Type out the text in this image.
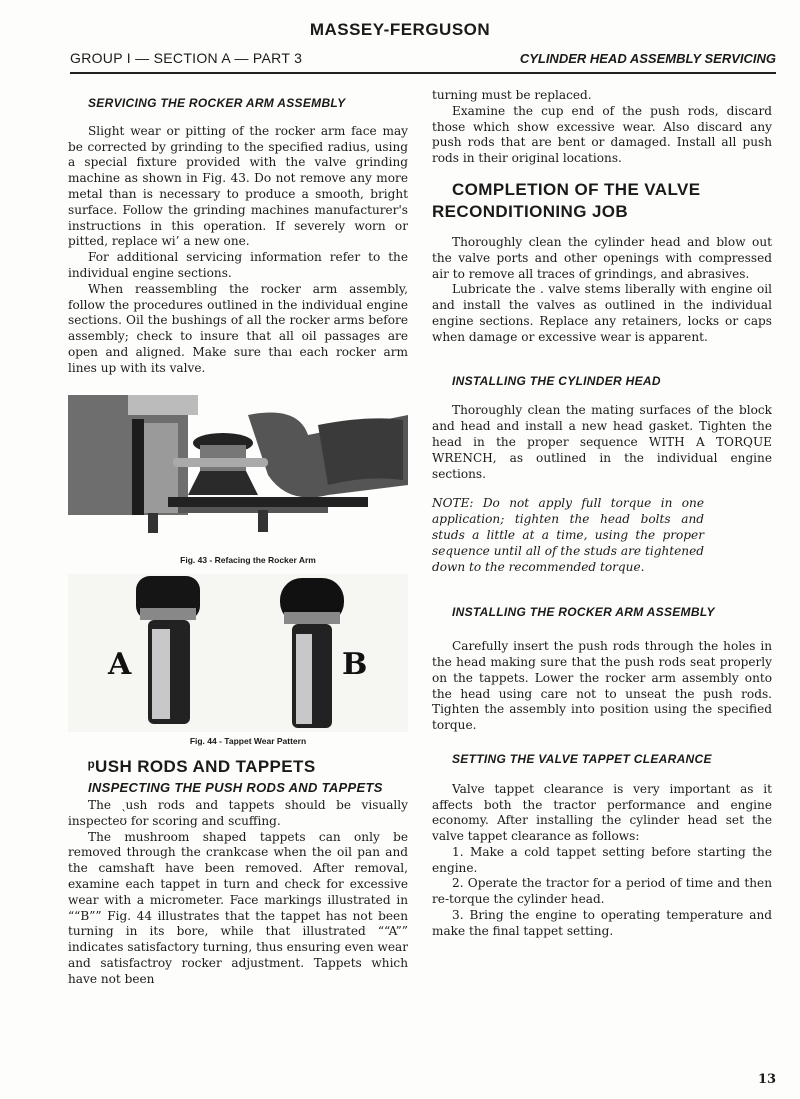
MASSEY-FERGUSON
GROUP I — SECTION A — PART 3	CYLINDER HEAD ASSEMBLY SERVICING

SERVICING THE ROCKER ARM ASSEMBLY

Slight wear or pitting of the rocker arm face may be corrected by grinding to the specified radius, using a special fixture provided with the valve grinding machine as shown in Fig. 43. Do not remove any more metal than is necessary to produce a smooth, bright surface. Follow the grinding machines manufacturer's instructions in this operation. If severely worn or pitted, replace wi’ a new one.

For additional servicing information refer to the individual engine sections.

When reassembling the rocker arm assembly, follow the procedures outlined in the individual engine sections. Oil the bushings of all the rocker arms before assembly; check to insure that all oil passages are open and aligned. Make sure thaı each rocker arm lines up with its valve.

Fig. 43 - Refacing the Rocker Arm

A	B

Fig. 44 - Tappet Wear Pattern

ᵖUSH RODS AND TAPPETS

INSPECTING THE PUSH RODS AND TAPPETS

The ˏush rods and tappets should be visually inspecteʊ for scoring and scuffing.

The mushroom shaped tappets can only be removed through the crankcase when the oil pan and the camshaft have been removed. After removal, examine each tappet in turn and check for excessive wear with a micrometer. Face markings illustrated in ““B”” Fig. 44 illustrates that the tappet has not been turning in its bore, while that illustrated ““A”” indicates satisfactory turning, thus ensuring even wear and satisfactroy rocker adjustment. Tappets which have not been

turning must be replaced.

Examine the cup end of the push rods, discard those which show excessive wear. Also discard any push rods that are bent or damaged. Install all push rods in their original locations.

COMPLETION OF THE VALVE RECONDITIONING JOB

Thoroughly clean the cylinder head and blow out the valve ports and other openings with compressed air to remove all traces of grindings, and abrasives.

Lubricate the . valve stems liberally with engine oil and install the valves as outlined in the individual engine sections. Replace any retainers, locks or caps when damage or excessive wear is apparent.

INSTALLING THE CYLINDER HEAD

Thoroughly clean the mating surfaces of the block and head and install a new head gasket. Tighten the head in the proper sequence WITH A TORQUE WRENCH, as outlined in the individual engine sections.

NOTE: Do not apply full torque in one application; tighten the head bolts and studs a little at a time, using the proper sequence until all of the studs are tightened down to the recommended torque.

INSTALLING THE ROCKER ARM ASSEMBLY

Carefully insert the push rods through the holes in the head making sure that the push rods seat properly on the tappets. Lower the rocker arm assembly onto the head using care not to unseat the push rods. Tighten the assembly into position using the specified torque.

SETTING THE VALVE TAPPET CLEARANCE

Valve tappet clearance is very important as it affects both the tractor performance and engine economy. After installing the cylinder head set the valve tappet clearance as follows:

1. Make a cold tappet setting before starting the engine.

2. Operate the tractor for a period of time and then re-torque the cylinder head.

3. Bring the engine to operating temperature and make the final tappet setting.

13
